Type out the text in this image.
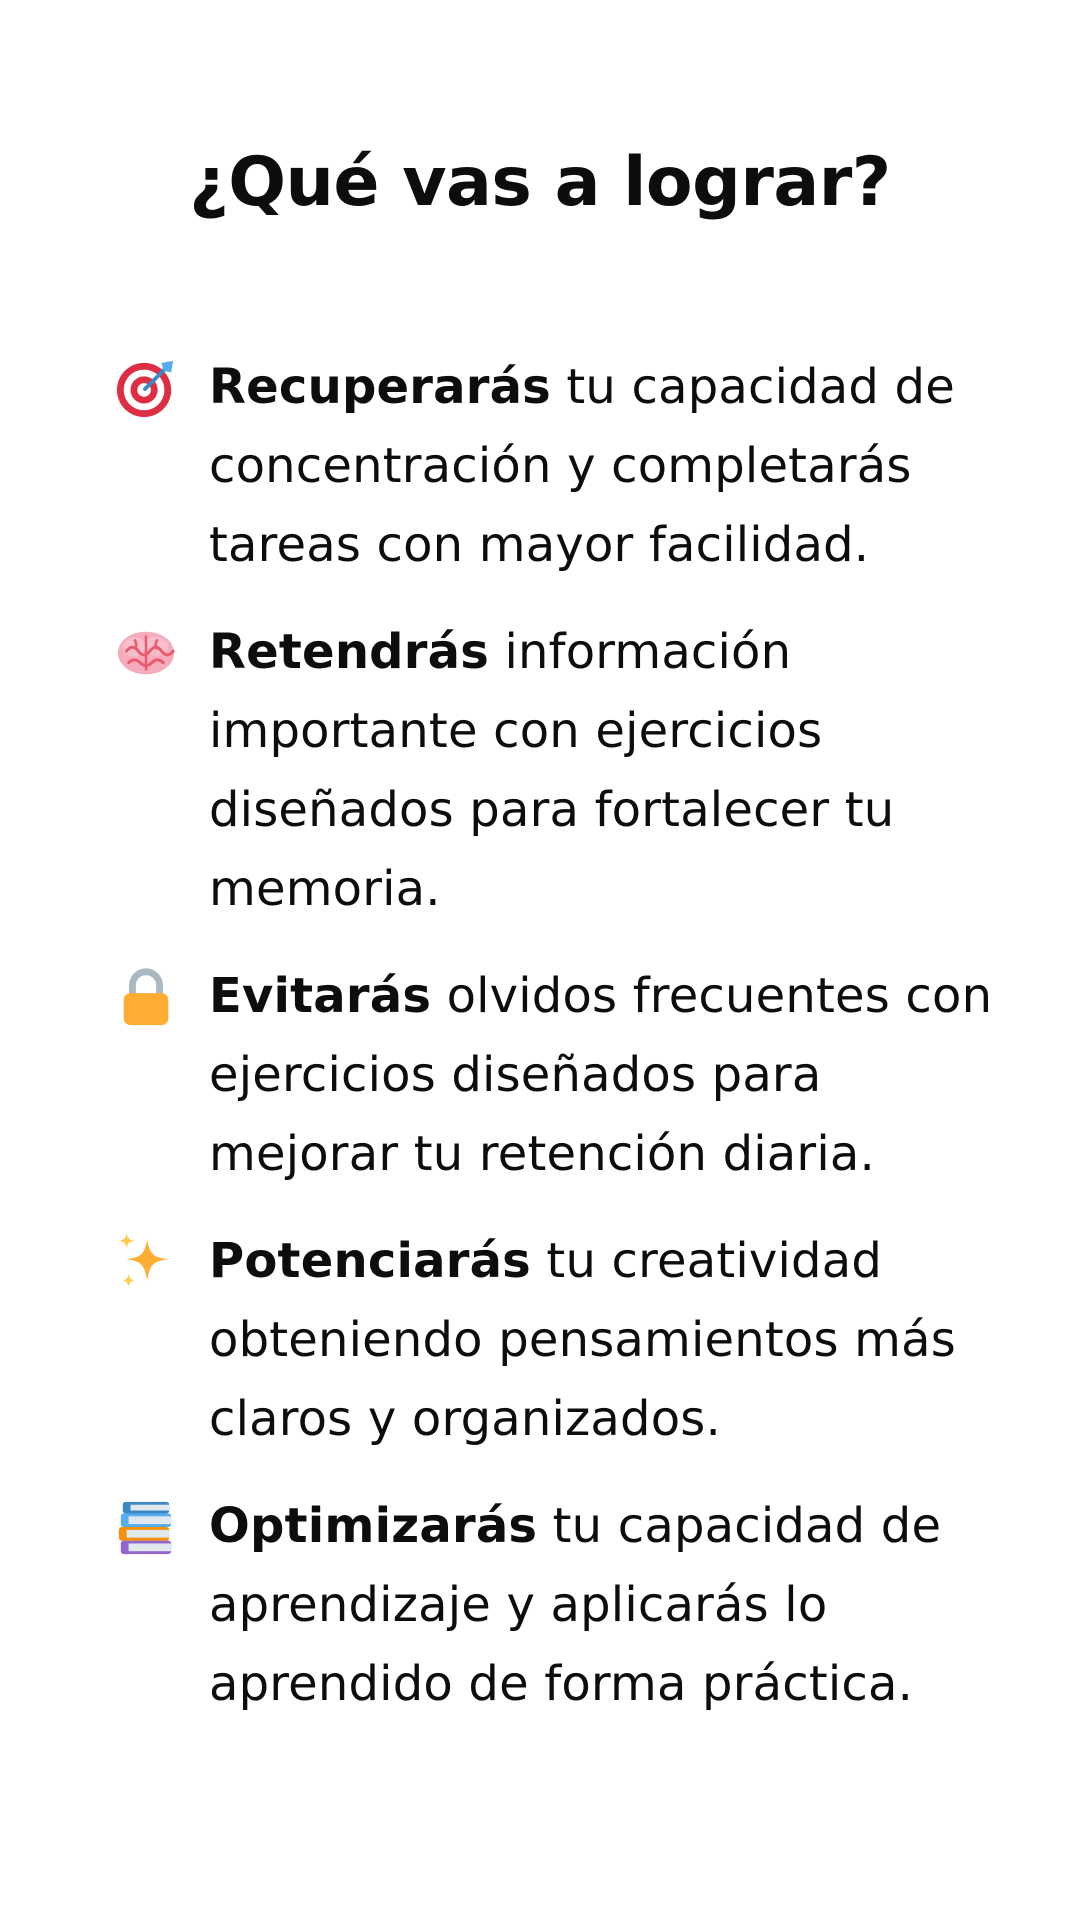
¿Qué vas a lograr?
Recuperarás tu capacidad de concentración y completarás tareas con mayor facilidad.
Retendrás información importante con ejercicios diseñados para fortalecer tu memoria.
Evitarás olvidos frecuentes con ejercicios diseñados para mejorar tu retención diaria.
Potenciarás tu creatividad obteniendo pensamientos más claros y organizados.
Optimizarás tu capacidad de aprendizaje y aplicarás lo aprendido de forma práctica.
